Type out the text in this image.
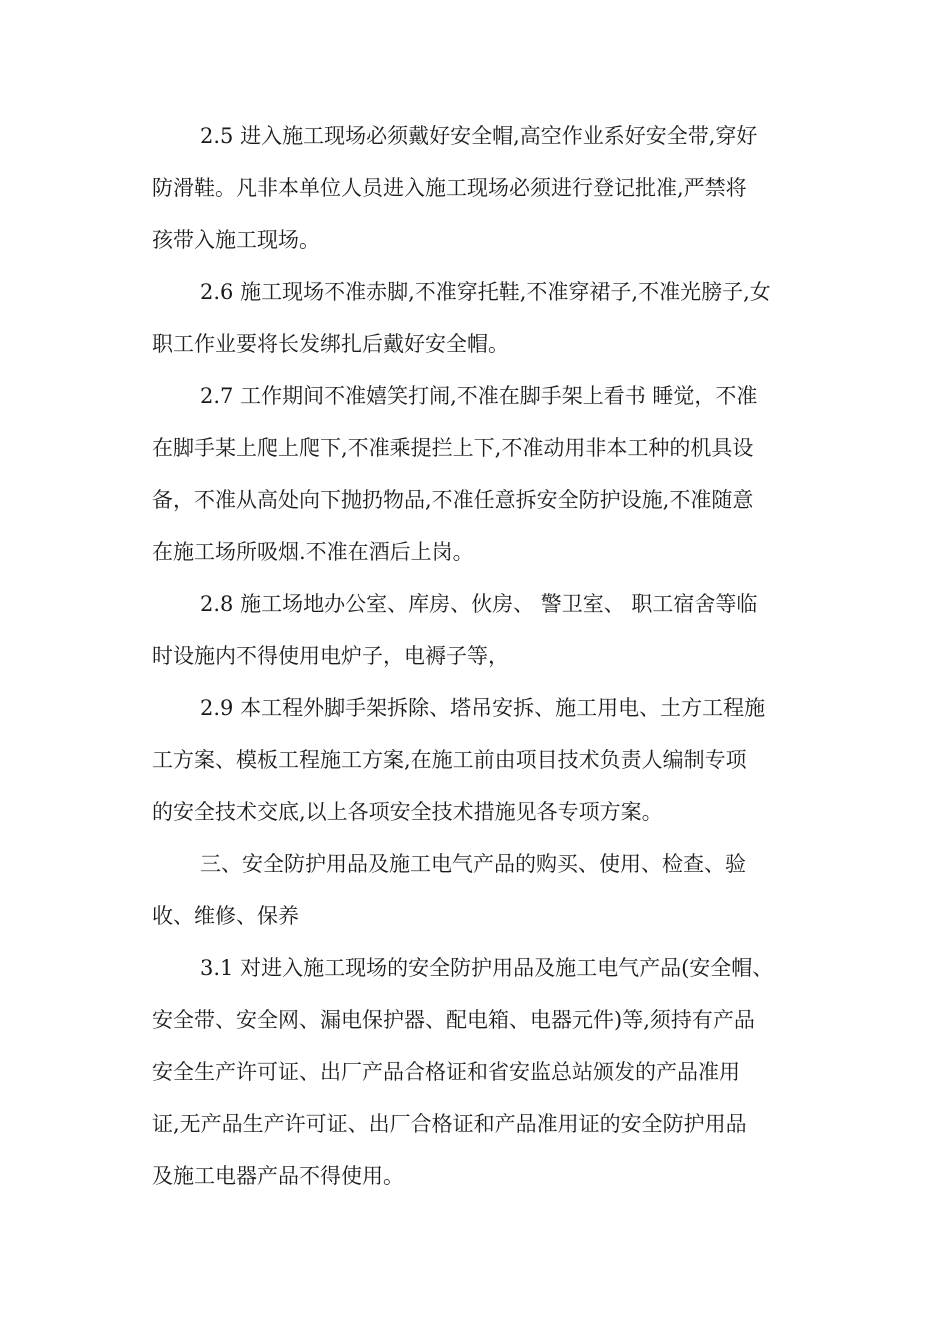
2.5 进入施工现场必须戴好安全帽,高空作业系好安全带,穿好
防滑鞋。凡非本单位人员进入施工现场必须进行登记批准,严禁将
孩带入施工现场。

2.6 施工现场不准赤脚,不准穿托鞋,不准穿裙子,不准光膀子,女
职工作业要将长发绑扎后戴好安全帽。

2.7 工作期间不准嬉笑打闹,不准在脚手架上看书 睡觉，不准
在脚手某上爬上爬下,不准乘提拦上下,不准动用非本工种的机具设
备，不准从高处向下抛扔物品,不准任意拆安全防护设施,不准随意
在施工场所吸烟.不准在酒后上岗。

2.8 施工场地办公室、库房、伙房、 警卫室、 职工宿舍等临
时设施内不得使用电炉子，电褥子等，

2.9 本工程外脚手架拆除、塔吊安拆、施工用电、土方工程施
工方案、模板工程施工方案,在施工前由项目技术负责人编制专项
的安全技术交底,以上各项安全技术措施见各专项方案。

三、安全防护用品及施工电气产品的购买、使用、检查、验
收、维修、保养

3.1 对进入施工现场的安全防护用品及施工电气产品(安全帽、
安全带、安全网、漏电保护器、配电箱、电器元件)等,须持有产品
安全生产许可证、出厂产品合格证和省安监总站颁发的产品准用
证,无产品生产许可证、出厂合格证和产品准用证的安全防护用品
及施工电器产品不得使用。
